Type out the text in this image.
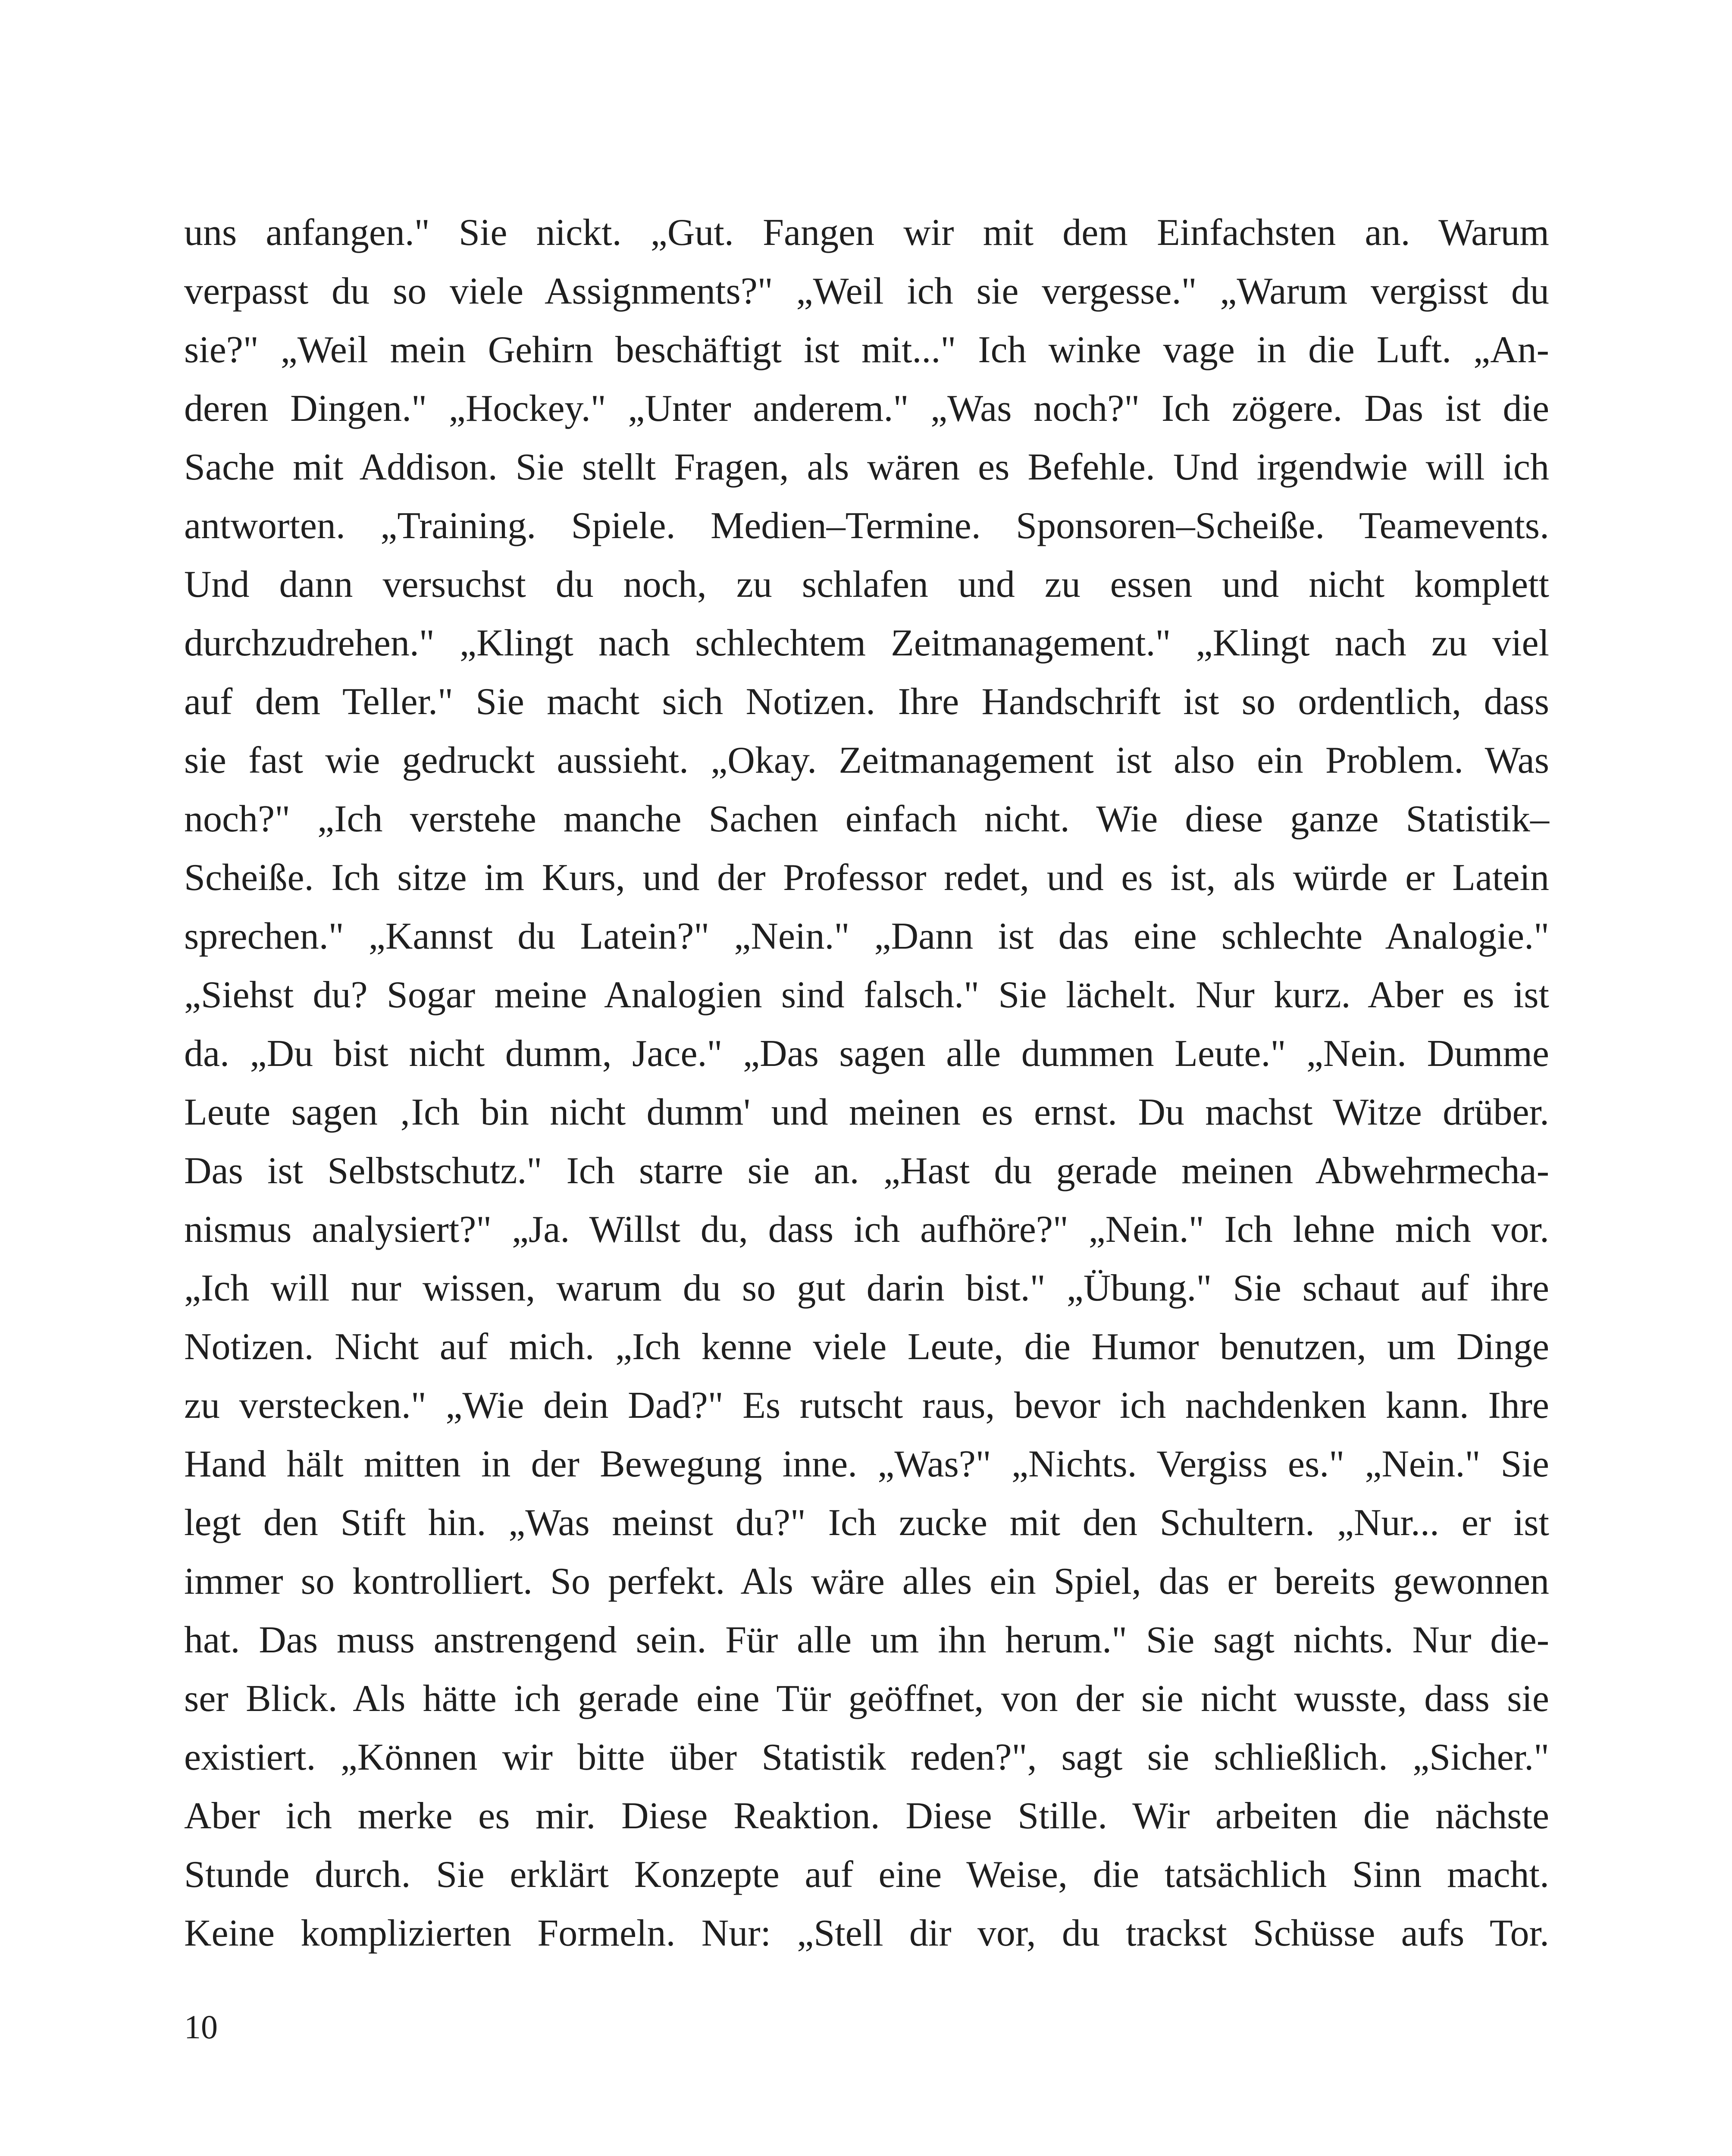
uns anfangen." Sie nickt. „Gut. Fangen wir mit dem Einfachsten an. Warum
verpasst du so viele Assignments?" „Weil ich sie vergesse." „Warum vergisst du
sie?" „Weil mein Gehirn beschäftigt ist mit..." Ich winke vage in die Luft. „An-
deren Dingen." „Hockey." „Unter anderem." „Was noch?" Ich zögere. Das ist die
Sache mit Addison. Sie stellt Fragen, als wären es Befehle. Und irgendwie will ich
antworten. „Training. Spiele. Medien–Termine. Sponsoren–Scheiße. Teamevents.
Und dann versuchst du noch, zu schlafen und zu essen und nicht komplett
durchzudrehen." „Klingt nach schlechtem Zeitmanagement." „Klingt nach zu viel
auf dem Teller." Sie macht sich Notizen. Ihre Handschrift ist so ordentlich, dass
sie fast wie gedruckt aussieht. „Okay. Zeitmanagement ist also ein Problem. Was
noch?" „Ich verstehe manche Sachen einfach nicht. Wie diese ganze Statistik–
Scheiße. Ich sitze im Kurs, und der Professor redet, und es ist, als würde er Latein
sprechen." „Kannst du Latein?" „Nein." „Dann ist das eine schlechte Analogie."
„Siehst du? Sogar meine Analogien sind falsch." Sie lächelt. Nur kurz. Aber es ist
da. „Du bist nicht dumm, Jace." „Das sagen alle dummen Leute." „Nein. Dumme
Leute sagen ‚Ich bin nicht dumm' und meinen es ernst. Du machst Witze drüber.
Das ist Selbstschutz." Ich starre sie an. „Hast du gerade meinen Abwehrmecha-
nismus analysiert?" „Ja. Willst du, dass ich aufhöre?" „Nein." Ich lehne mich vor.
„Ich will nur wissen, warum du so gut darin bist." „Übung." Sie schaut auf ihre
Notizen. Nicht auf mich. „Ich kenne viele Leute, die Humor benutzen, um Dinge
zu verstecken." „Wie dein Dad?" Es rutscht raus, bevor ich nachdenken kann. Ihre
Hand hält mitten in der Bewegung inne. „Was?" „Nichts. Vergiss es." „Nein." Sie
legt den Stift hin. „Was meinst du?" Ich zucke mit den Schultern. „Nur... er ist
immer so kontrolliert. So perfekt. Als wäre alles ein Spiel, das er bereits gewonnen
hat. Das muss anstrengend sein. Für alle um ihn herum." Sie sagt nichts. Nur die-
ser Blick. Als hätte ich gerade eine Tür geöffnet, von der sie nicht wusste, dass sie
existiert. „Können wir bitte über Statistik reden?", sagt sie schließlich. „Sicher."
Aber ich merke es mir. Diese Reaktion. Diese Stille. Wir arbeiten die nächste
Stunde durch. Sie erklärt Konzepte auf eine Weise, die tatsächlich Sinn macht.
Keine komplizierten Formeln. Nur: „Stell dir vor, du trackst Schüsse aufs Tor.
10
